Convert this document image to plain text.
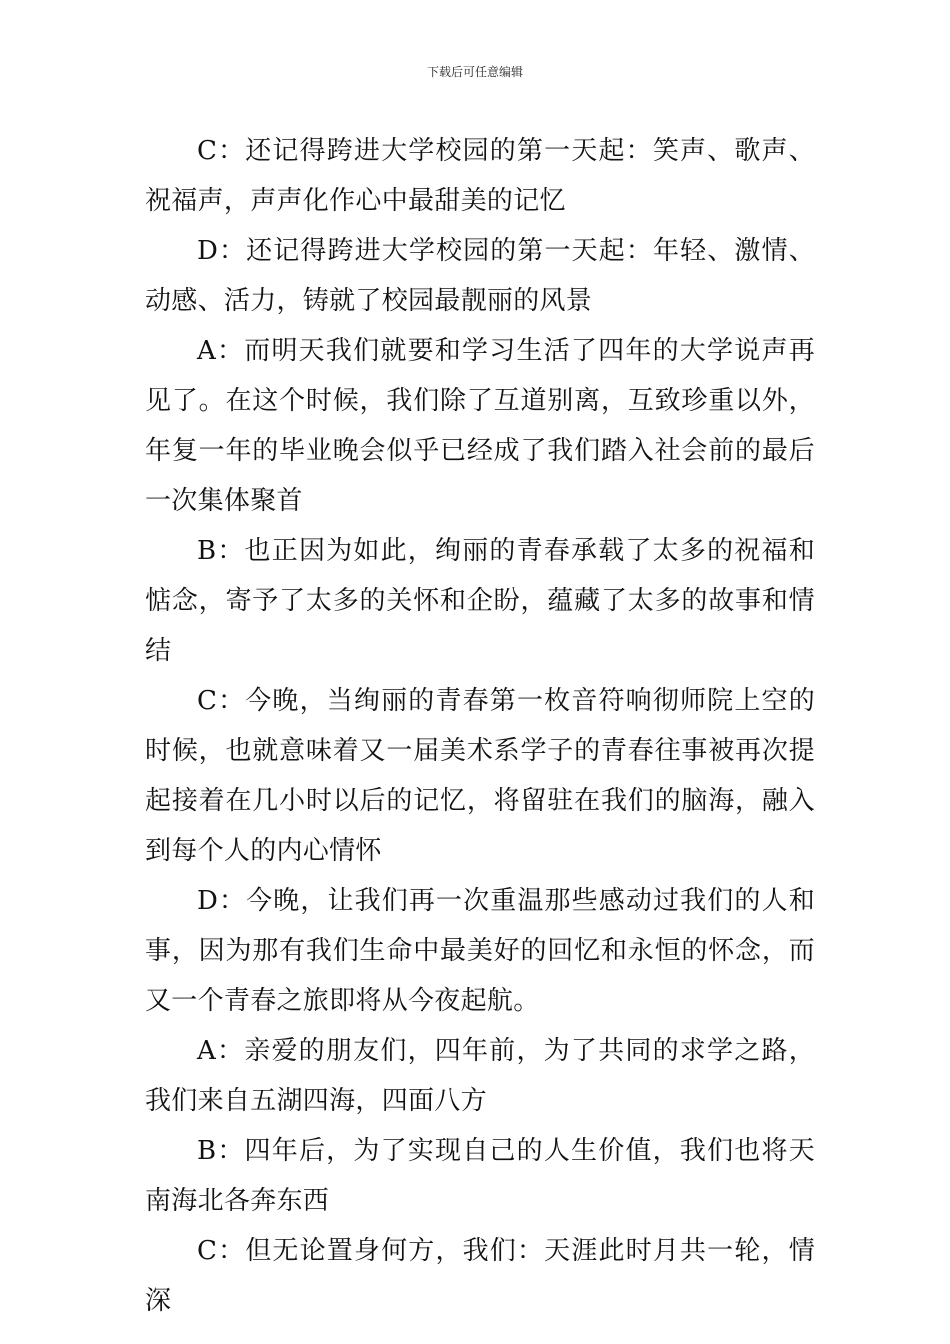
下载后可任意编辑

C：还记得跨进大学校园的第一天起：笑声、歌声、祝福声，声声化作心中最甜美的记忆

D：还记得跨进大学校园的第一天起：年轻、激情、动感、活力，铸就了校园最靓丽的风景

A：而明天我们就要和学习生活了四年的大学说声再见了。在这个时候，我们除了互道别离，互致珍重以外，年复一年的毕业晚会似乎已经成了我们踏入社会前的最后一次集体聚首

B：也正因为如此，绚丽的青春承载了太多的祝福和惦念，寄予了太多的关怀和企盼，蕴藏了太多的故事和情结

C：今晚，当绚丽的青春第一枚音符响彻师院上空的时候，也就意味着又一届美术系学子的青春往事被再次提起接着在几小时以后的记忆，将留驻在我们的脑海，融入到每个人的内心情怀

D：今晚，让我们再一次重温那些感动过我们的人和事，因为那有我们生命中最美好的回忆和永恒的怀念，而又一个青春之旅即将从今夜起航。

A：亲爱的朋友们，四年前，为了共同的求学之路，我们来自五湖四海，四面八方

B：四年后，为了实现自己的人生价值，我们也将天南海北各奔东西

C：但无论置身何方，我们：天涯此时月共一轮，情深
